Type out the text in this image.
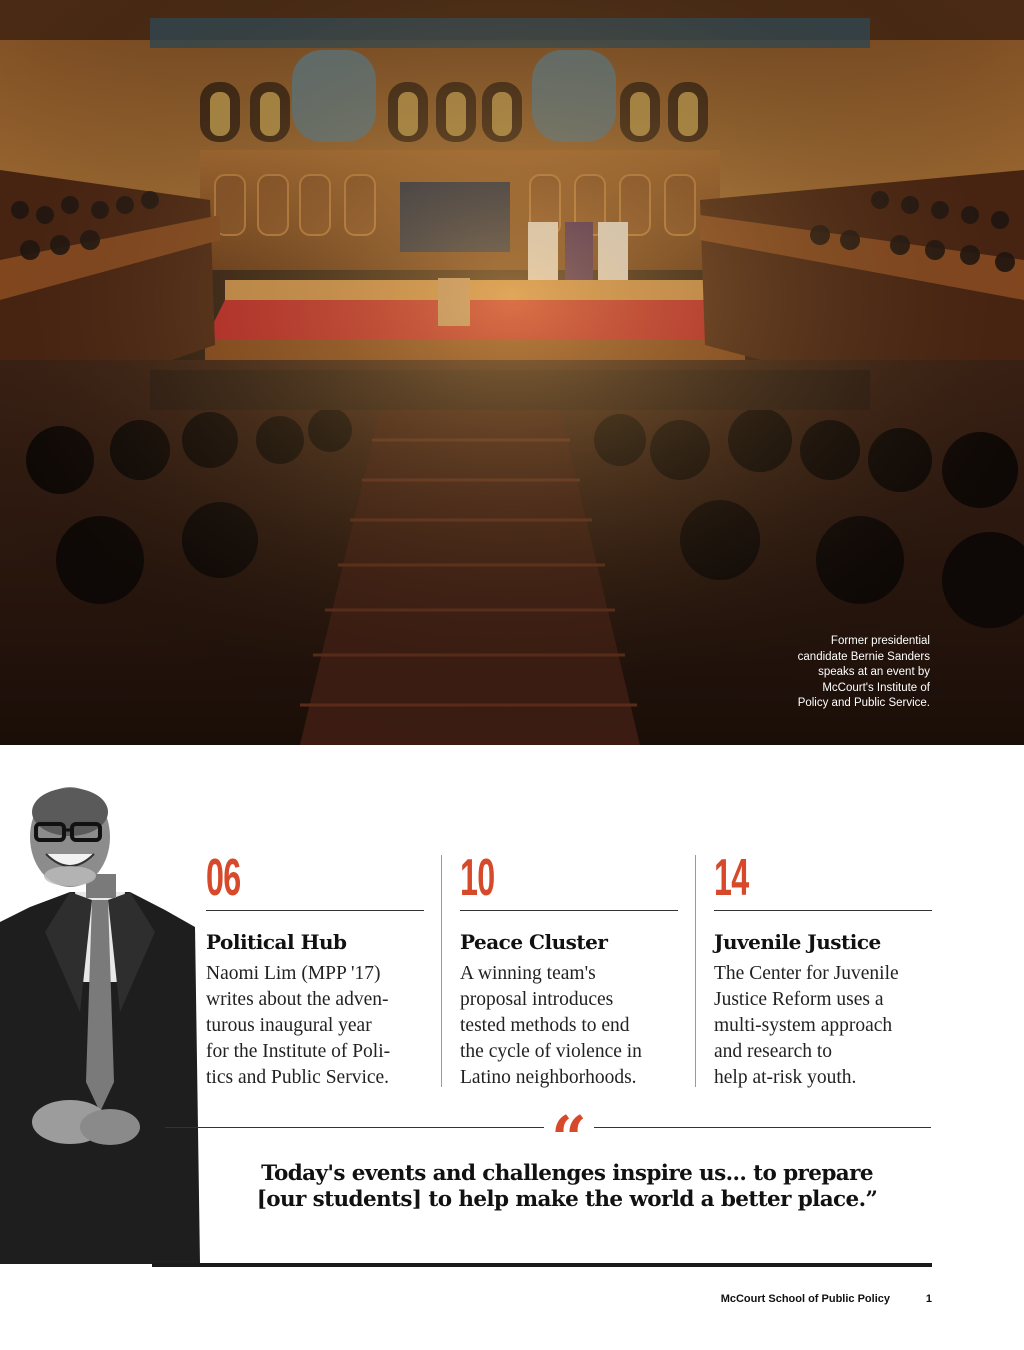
Former presidential
candidate Bernie Sanders
speaks at an event by
McCourt's Institute of
Policy and Public Service.
06
Political Hub
Naomi Lim (MPP '17)
writes about the adven-
turous inaugural year
for the Institute of Poli-
tics and Public Service.
10
Peace Cluster
A winning team's
proposal introduces
tested methods to end
the cycle of violence in
Latino neighborhoods.
14
Juvenile Justice
The Center for Juvenile
Justice Reform uses a
multi-system approach
and research to
help at-risk youth.
“
Today's events and challenges inspire us... to prepare
[our students] to help make the world a better place.”
McCourt School of Public Policy	1
